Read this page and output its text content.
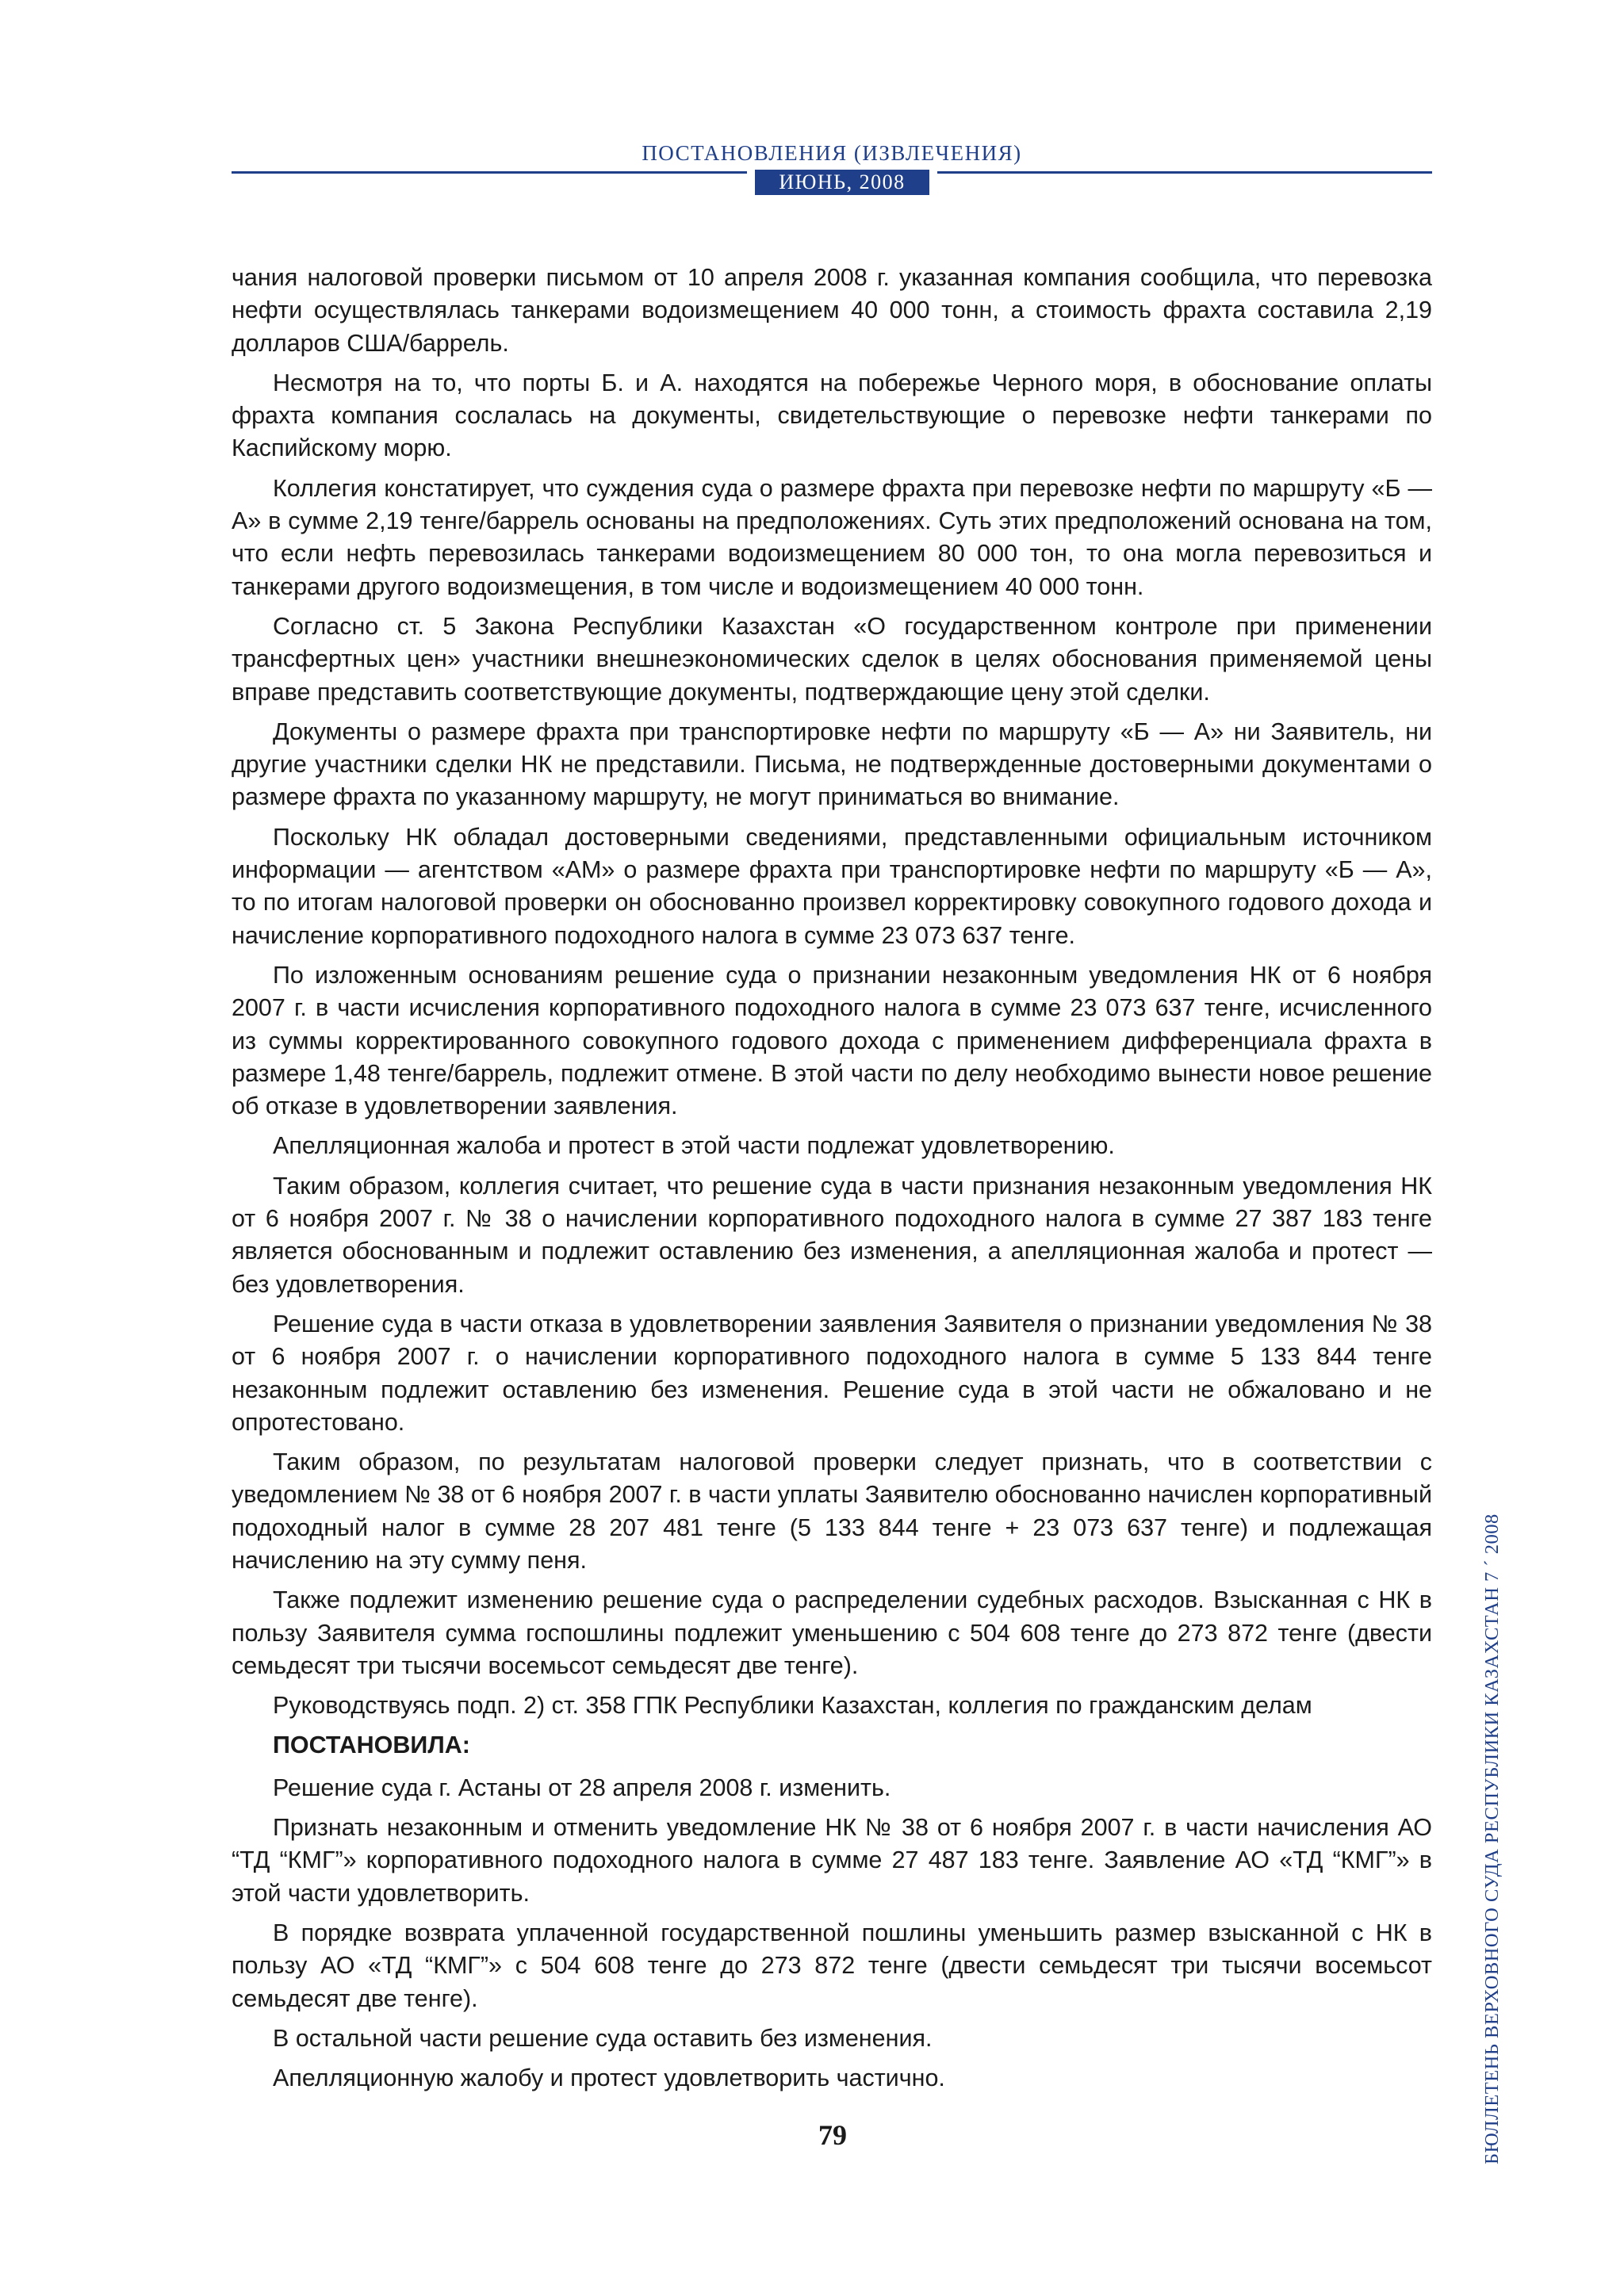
ПОСТАНОВЛЕНИЯ (ИЗВЛЕЧЕНИЯ)
ИЮНЬ, 2008

чания налоговой проверки письмом от 10 апреля 2008 г. указанная компания сообщила, что перевозка нефти осуществлялась танкерами водоизмещением 40 000 тонн, а стоимость фрахта составила 2,19 долларов США/баррель.

Несмотря на то, что порты Б. и А. находятся на побережье Черного моря, в обоснование оплаты фрахта компания сослалась на документы, свидетельствующие о перевозке нефти танкерами по Каспийскому морю.

Коллегия констатирует, что суждения суда о размере фрахта при перевозке нефти по маршруту «Б — А» в сумме 2,19 тенге/баррель основаны на предположениях. Суть этих предположений основана на том, что если нефть перевозилась танкерами водоизмещением 80 000 тон, то она могла перевозиться и танкерами другого водоизмещения, в том числе и водоизмещением 40 000 тонн.

Согласно ст. 5 Закона Республики Казахстан «О государственном контроле при применении трансфертных цен» участники внешнеэкономических сделок в целях обоснования применяемой цены вправе представить соответствующие документы, подтверждающие цену этой сделки.

Документы о размере фрахта при транспортировке нефти по маршруту «Б — А» ни Заявитель, ни другие участники сделки НК не представили. Письма, не подтвержденные достоверными документами о размере фрахта по указанному маршруту, не могут приниматься во внимание.

Поскольку НК обладал достоверными сведениями, представленными официальным источником информации — агентством «АМ» о размере фрахта при транспортировке нефти по маршруту «Б — А», то по итогам налоговой проверки он обоснованно произвел корректировку совокупного годового дохода и начисление корпоративного подоходного налога в сумме 23 073 637 тенге.

По изложенным основаниям решение суда о признании незаконным уведомления НК от 6 ноября 2007 г. в части исчисления корпоративного подоходного налога в сумме 23 073 637 тенге, исчисленного из суммы корректированного совокупного годового дохода с применением дифференциала фрахта в размере 1,48 тенге/баррель, подлежит отмене. В этой части по делу необходимо вынести новое решение об отказе в удовлетворении заявления.

Апелляционная жалоба и протест в этой части подлежат удовлетворению.

Таким образом, коллегия считает, что решение суда в части признания незаконным уведомления НК от 6 ноября 2007 г. № 38 о начислении корпоративного подоходного налога в сумме 27 387 183 тенге является обоснованным и подлежит оставлению без изменения, а апелляционная жалоба и протест — без удовлетворения.

Решение суда в части отказа в удовлетворении заявления Заявителя о признании уведомления № 38 от 6 ноября 2007 г. о начислении корпоративного подоходного налога в сумме 5 133 844 тенге незаконным подлежит оставлению без изменения. Решение суда в этой части не обжаловано и не опротестовано.

Таким образом, по результатам налоговой проверки следует признать, что в соответствии с уведомлением № 38 от 6 ноября 2007 г. в части уплаты Заявителю обоснованно начислен корпоративный подоходный налог в сумме 28 207 481 тенге (5 133 844 тенге + 23 073 637 тенге) и подлежащая начислению на эту сумму пеня.

Также подлежит изменению решение суда о распределении судебных расходов. Взысканная с НК в пользу Заявителя сумма госпошлины подлежит уменьшению с 504 608 тенге до 273 872 тенге (двести семьдесят три тысячи восемьсот семьдесят две тенге).

Руководствуясь подп. 2) ст. 358 ГПК Республики Казахстан, коллегия по гражданским делам

ПОСТАНОВИЛА:

Решение суда г. Астаны от 28 апреля 2008 г. изменить.

Признать незаконным и отменить уведомление НК № 38 от 6 ноября 2007 г. в части начисления АО “ТД “КМГ”» корпоративного подоходного налога в сумме 27 487 183 тенге. Заявление АО «ТД “КМГ”» в этой части удовлетворить.

В порядке возврата уплаченной государственной пошлины уменьшить размер взысканной с НК в пользу АО «ТД “КМГ”» с 504 608 тенге до 273 872 тенге (двести семьдесят три тысячи восемьсот семьдесят две тенге).

В остальной части решение суда оставить без изменения.

Апелляционную жалобу и протест удовлетворить частично.

79	БЮЛЛЕТЕНЬ ВЕРХОВНОГО СУДА РЕСПУБЛИКИ КАЗАХСТАН 7 ´ 2008
